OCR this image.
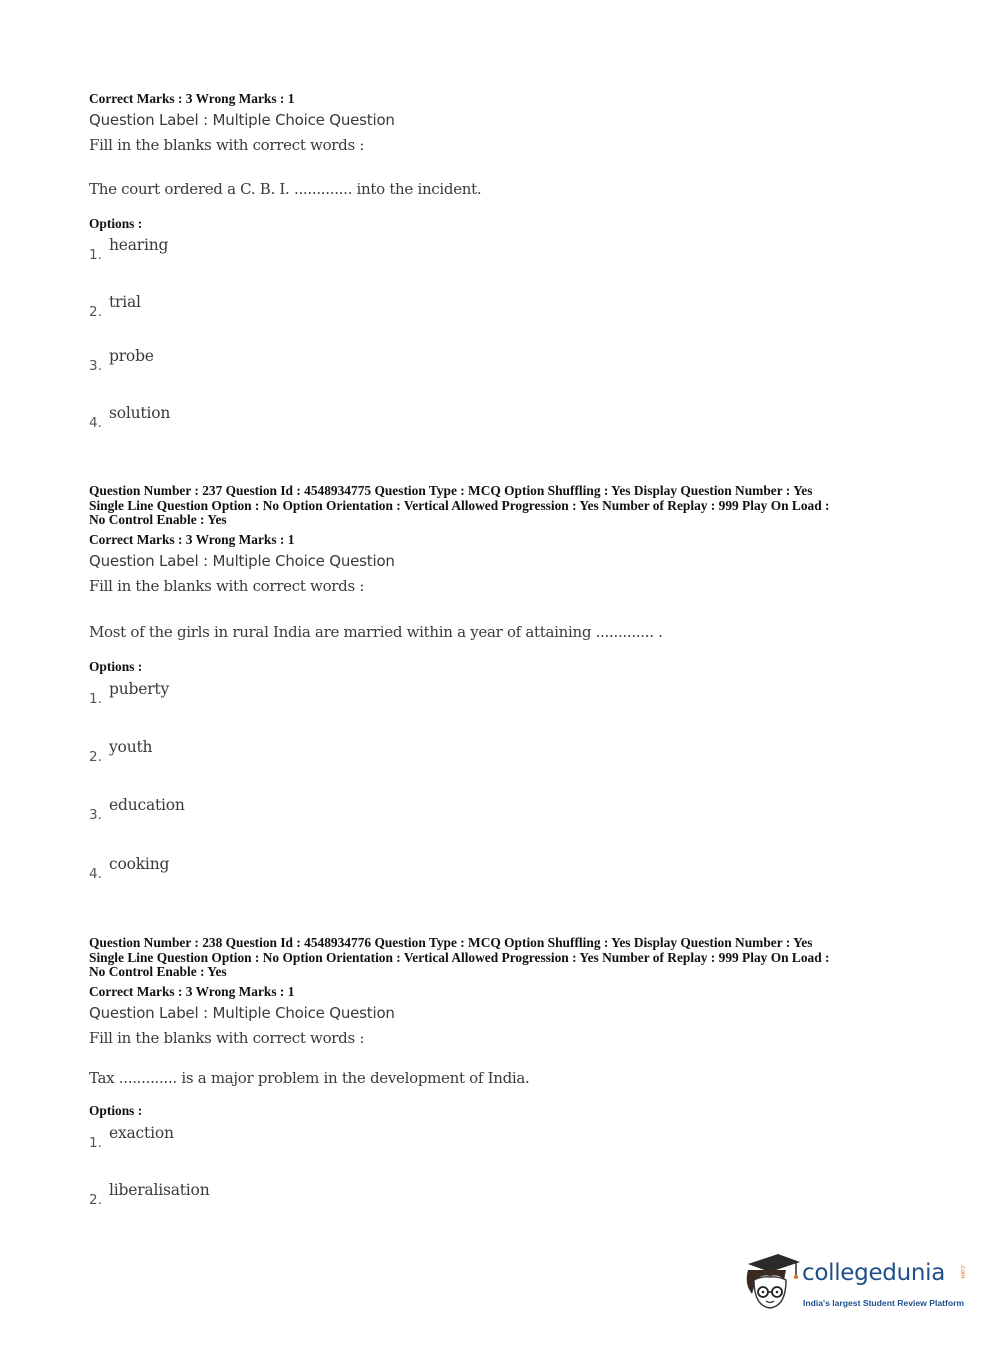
Correct Marks : 3 Wrong Marks : 1
Question Label : Multiple Choice Question
Fill in the blanks with correct words :
The court ordered a C. B. I. ............. into the incident.
Options :
1.
hearing
2.
trial
3.
probe
4.
solution
Question Number : 237 Question Id : 4548934775 Question Type : MCQ Option Shuffling : Yes Display Question Number : Yes
Single Line Question Option : No Option Orientation : Vertical Allowed Progression : Yes Number of Replay : 999 Play On Load :
No Control Enable : Yes
Correct Marks : 3 Wrong Marks : 1
Question Label : Multiple Choice Question
Fill in the blanks with correct words :
Most of the girls in rural India are married within a year of attaining ............. .
Options :
1.
puberty
2.
youth
3.
education
4.
cooking
Question Number : 238 Question Id : 4548934776 Question Type : MCQ Option Shuffling : Yes Display Question Number : Yes
Single Line Question Option : No Option Orientation : Vertical Allowed Progression : Yes Number of Replay : 999 Play On Load :
No Control Enable : Yes
Correct Marks : 3 Wrong Marks : 1
Question Label : Multiple Choice Question
Fill in the blanks with correct words :
Tax ............. is a major problem in the development of India.
Options :
1.
exaction
2.
liberalisation
collegedunia .com
India's largest Student Review Platform
